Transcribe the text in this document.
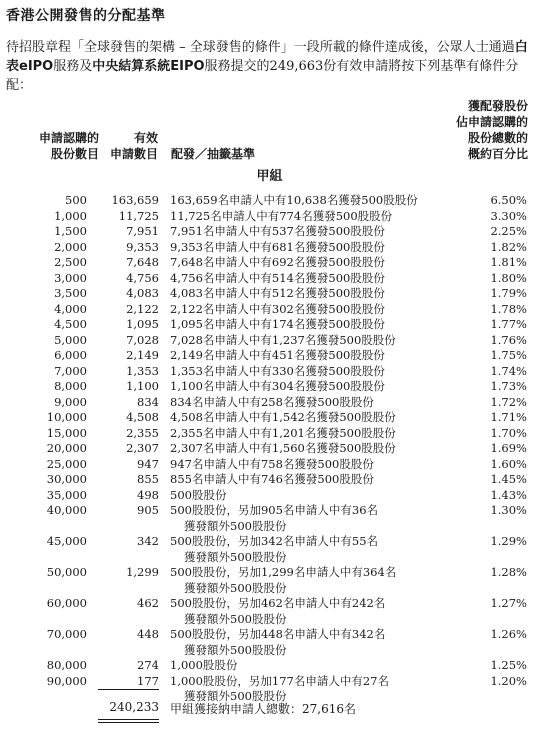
香港公開發售的分配基準
待招股章程「全球發售的架構 – 全球發售的條件」一段所載的條件達成後，公眾人士通過白表eIPO服務及中央結算系統EIPO服務提交的249,663份有效申請將按下列基準有條件分配：
申請認購的
股份數目
有效
申請數目 配發／抽籤基準
獲配發股份
佔申請認購的
股份總數的
概約百分比
甲組
500	163,659 163,659名申請人中有10,638名獲發500股股份	6.50%
1,000	11,725 11,725名申請人中有774名獲發500股股份	3.30%
1,500	7,951 7,951名申請人中有537名獲發500股股份	2.25%
2,000	9,353 9,353名申請人中有681名獲發500股股份	1.82%
2,500	7,648 7,648名申請人中有692名獲發500股股份	1.81%
3,000	4,756 4,756名申請人中有514名獲發500股股份	1.80%
3,500	4,083 4,083名申請人中有512名獲發500股股份	1.79%
4,000	2,122 2,122名申請人中有302名獲發500股股份	1.78%
4,500	1,095 1,095名申請人中有174名獲發500股股份	1.77%
5,000	7,028 7,028名申請人中有1,237名獲發500股股份	1.76%
6,000	2,149 2,149名申請人中有451名獲發500股股份	1.75%
7,000	1,353 1,353名申請人中有330名獲發500股股份	1.74%
8,000	1,100 1,100名申請人中有304名獲發500股股份	1.73%
9,000	834 834名申請人中有258名獲發500股股份	1.72%
10,000	4,508 4,508名申請人中有1,542名獲發500股股份	1.71%
15,000	2,355 2,355名申請人中有1,201名獲發500股股份	1.70%
20,000	2,307 2,307名申請人中有1,560名獲發500股股份	1.69%
25,000	947 947名申請人中有758名獲發500股股份	1.60%
30,000	855 855名申請人中有746名獲發500股股份	1.45%
35,000	498 500股股份	1.43%
40,000	905 500股股份，另加905名申請人中有36名
獲發額外500股股份
1.30%
45,000	342 500股股份，另加342名申請人中有55名
獲發額外500股股份
1.29%
50,000	1,299 500股股份，另加1,299名申請人中有364名
獲發額外500股股份
1.28%
60,000	462 500股股份，另加462名申請人中有242名
獲發額外500股股份
1.27%
70,000	448 500股股份，另加448名申請人中有342名
獲發額外500股股份
1.26%
80,000	274 1,000股股份	1.25%
90,000	177 1,000股股份，另加177名申請人中有27名
獲發額外500股股份
1.20%
240,233 甲組獲接納申請人總數：27,616名
